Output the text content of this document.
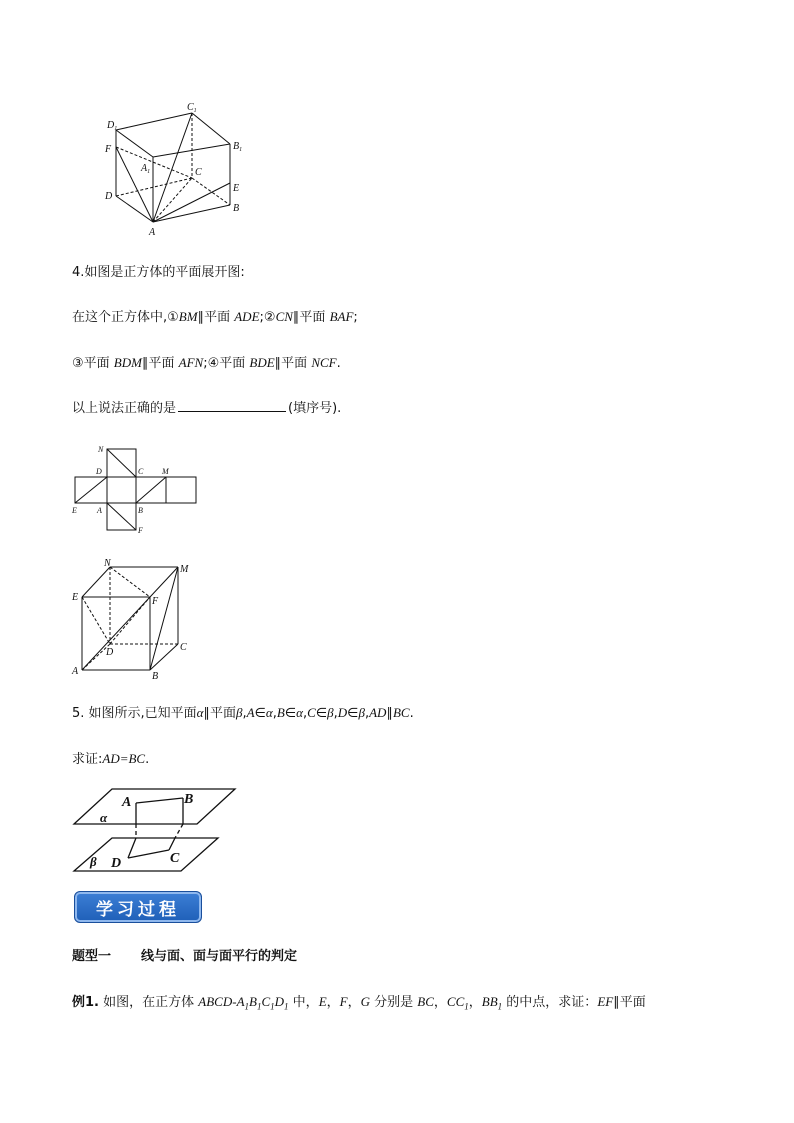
$D_1$
$C_1$
$B_1$
$A_1$
F
C
E
D
B
A
4.如图是正方体的平面展开图:
在这个正方体中,①BM∥平面 ADE;②CN∥平面 BAF;
③平面 BDM∥平面 AFN;④平面 BDE∥平面 NCF.
以上说法正确的是	(填序号).
N
D	C M
E	A	B
F
N
M
E	F
D	C
A	B
5. 如图所示,已知平面α∥平面β,A∈α,B∈α,C∈β,D∈β,AD∥BC.
求证:AD=BC.
A	B
α
β D	C
学习过程
题型一 线与面、面与面平行的判定
例1. 如图，在正方体 ABCD-$A_1B_1C_1D_1$ 中，E，F，G 分别是 BC，$CC_1$，$BB_1$ 的中点，求证：EF∥平面
